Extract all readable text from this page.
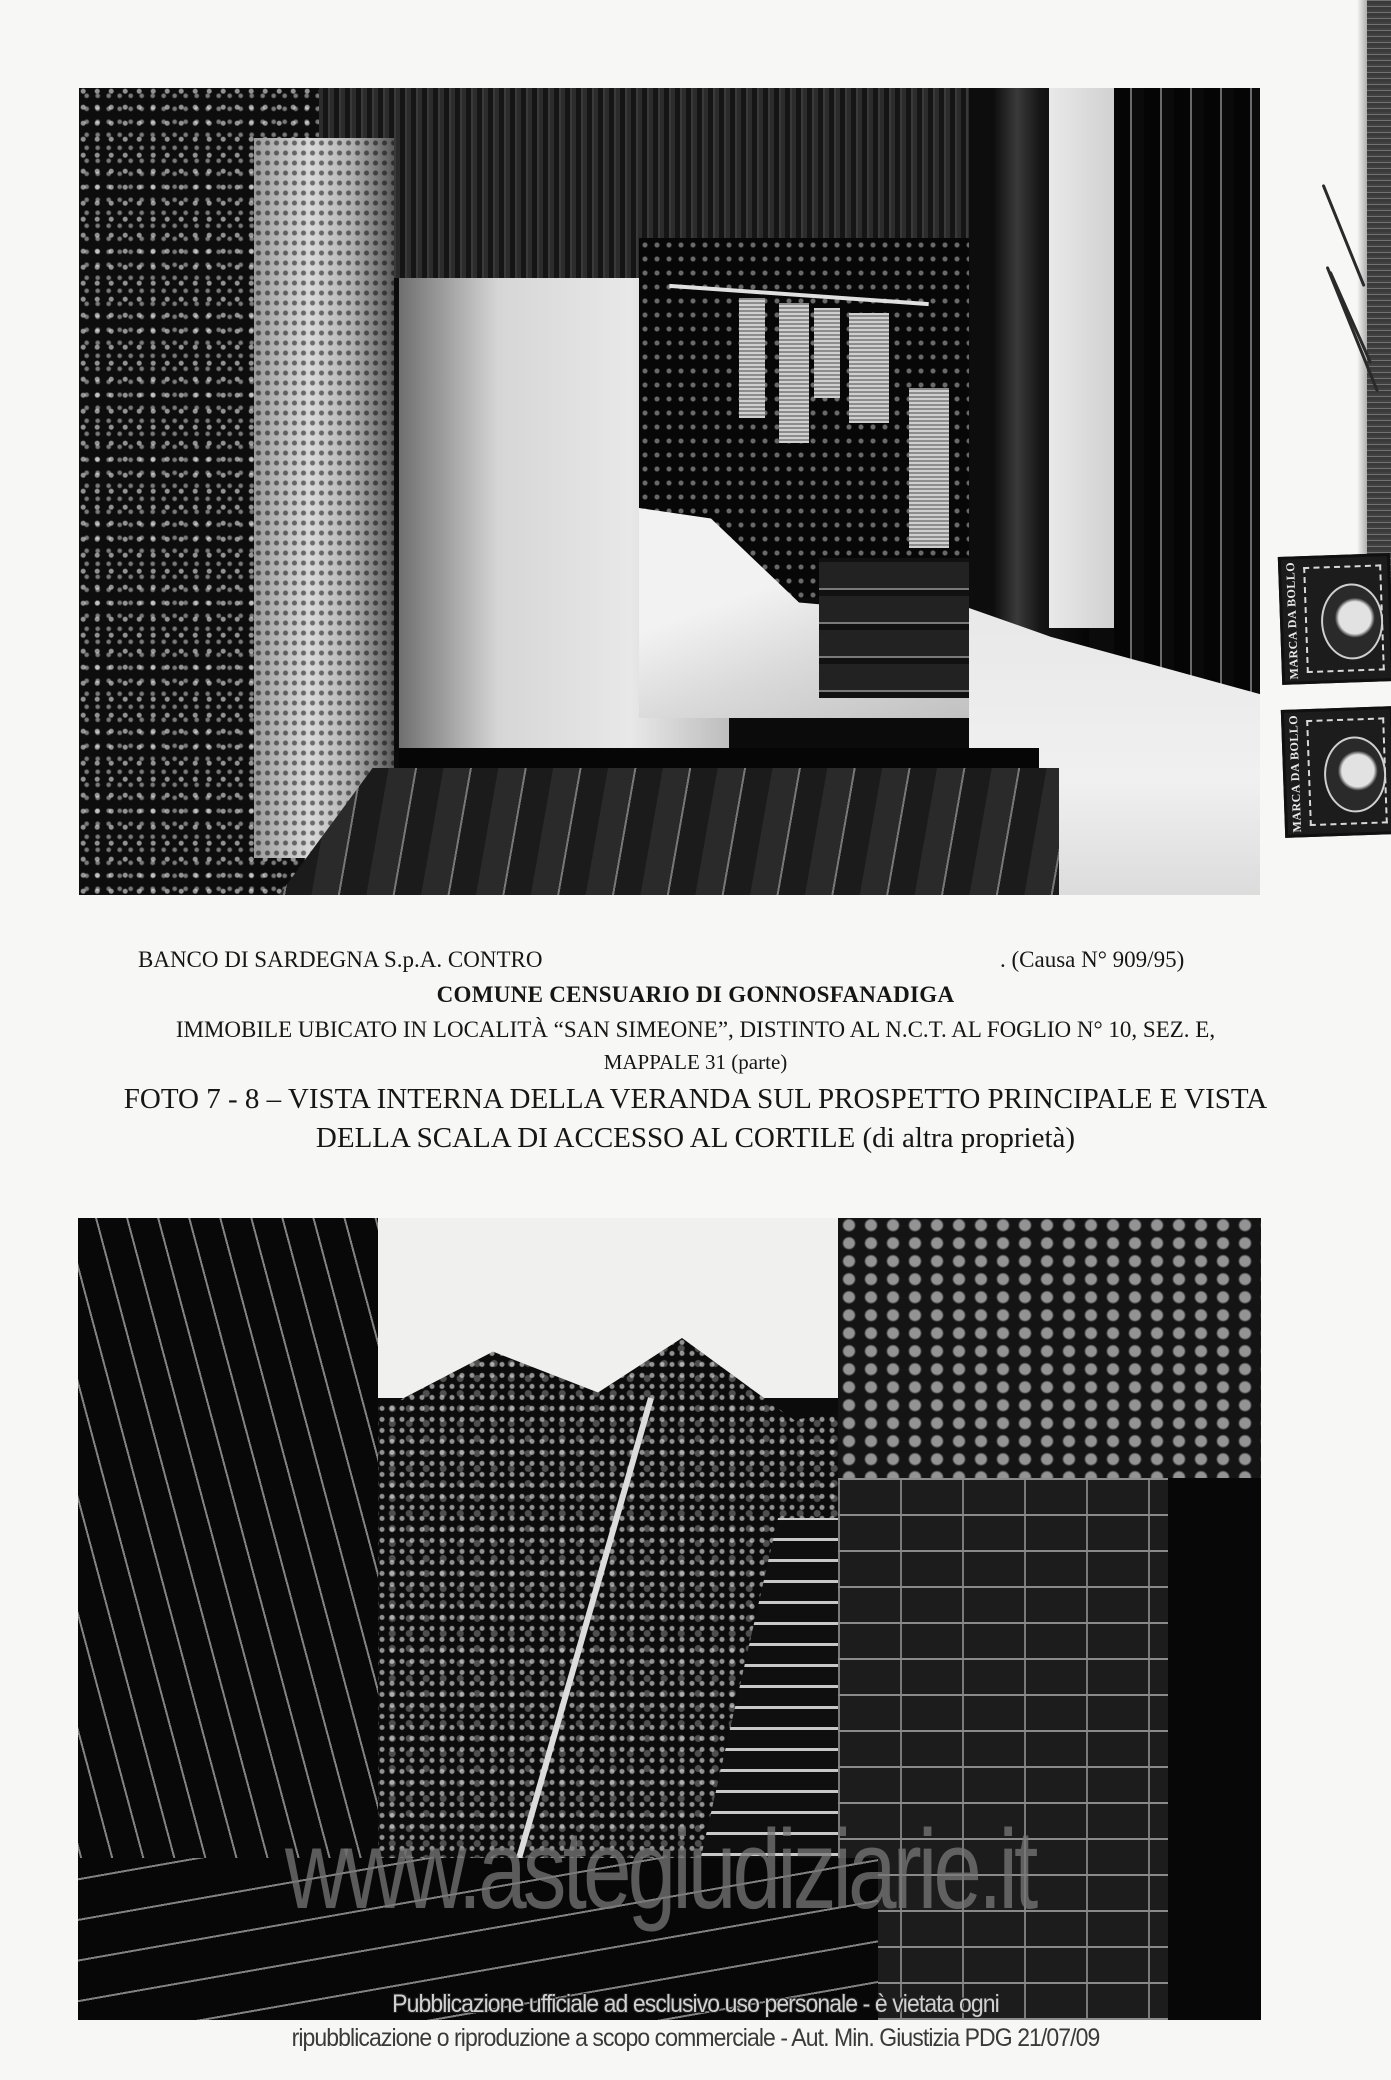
MARCA DA BOLLO
MARCA DA BOLLO
BANCO DI SARDEGNA S.p.A. CONTRO	. (Causa N° 909/95)
COMUNE CENSUARIO DI GONNOSFANADIGA
IMMOBILE UBICATO IN LOCALITÀ “SAN SIMEONE”, DISTINTO AL N.C.T. AL FOGLIO N° 10, SEZ. E,
MAPPALE 31 (parte)
FOTO 7 - 8 – VISTA INTERNA DELLA VERANDA SUL PROSPETTO PRINCIPALE E VISTA
DELLA SCALA DI ACCESSO AL CORTILE (di altra proprietà)
www.astegiudiziarie.it
Pubblicazione ufficiale ad esclusivo uso personale - è vietata ogni
ripubblicazione o riproduzione a scopo commerciale - Aut. Min. Giustizia PDG 21/07/09
